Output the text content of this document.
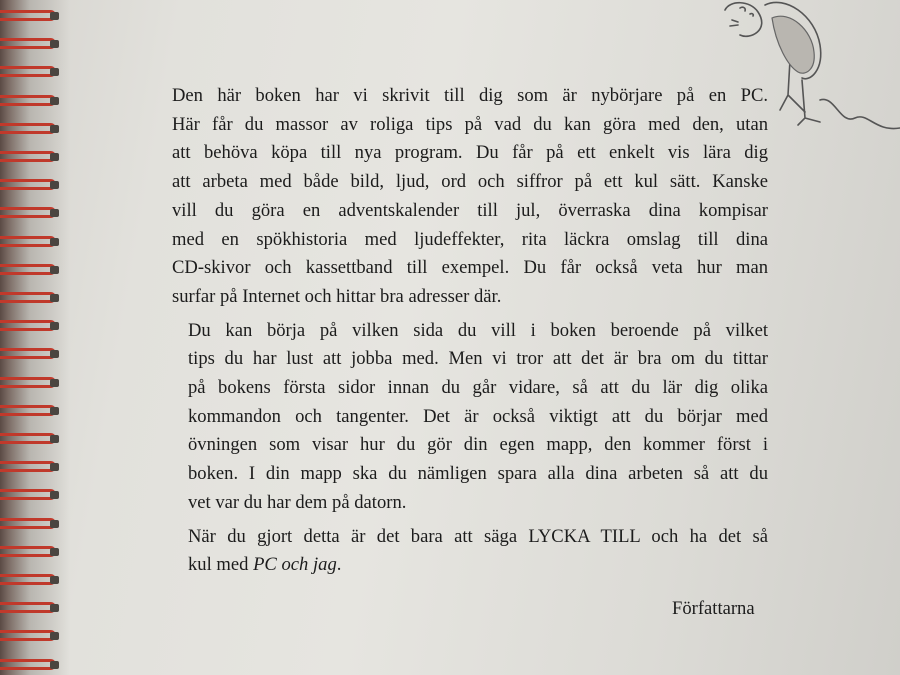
Den här boken har vi skrivit till dig som är nybörjare på en PC.
Här får du massor av roliga tips på vad du kan göra med den, utan
att behöva köpa till nya program. Du får på ett enkelt vis lära dig
att arbeta med både bild, ljud, ord och siffror på ett kul sätt. Kanske
vill du göra en adventskalender till jul, överraska dina kompisar
med en spökhistoria med ljudeffekter, rita läckra omslag till dina
CD-skivor och kassettband till exempel. Du får också veta hur man
surfar på Internet och hittar bra adresser där.
Du kan börja på vilken sida du vill i boken beroende på vilket
tips du har lust att jobba med. Men vi tror att det är bra om du tittar
på bokens första sidor innan du går vidare, så att du lär dig olika
kommandon och tangenter. Det är också viktigt att du börjar med
övningen som visar hur du gör din egen mapp, den kommer först i
boken. I din mapp ska du nämligen spara alla dina arbeten så att du
vet var du har dem på datorn.
När du gjort detta är det bara att säga LYCKA TILL och ha det så
kul med PC och jag.
Författarna
